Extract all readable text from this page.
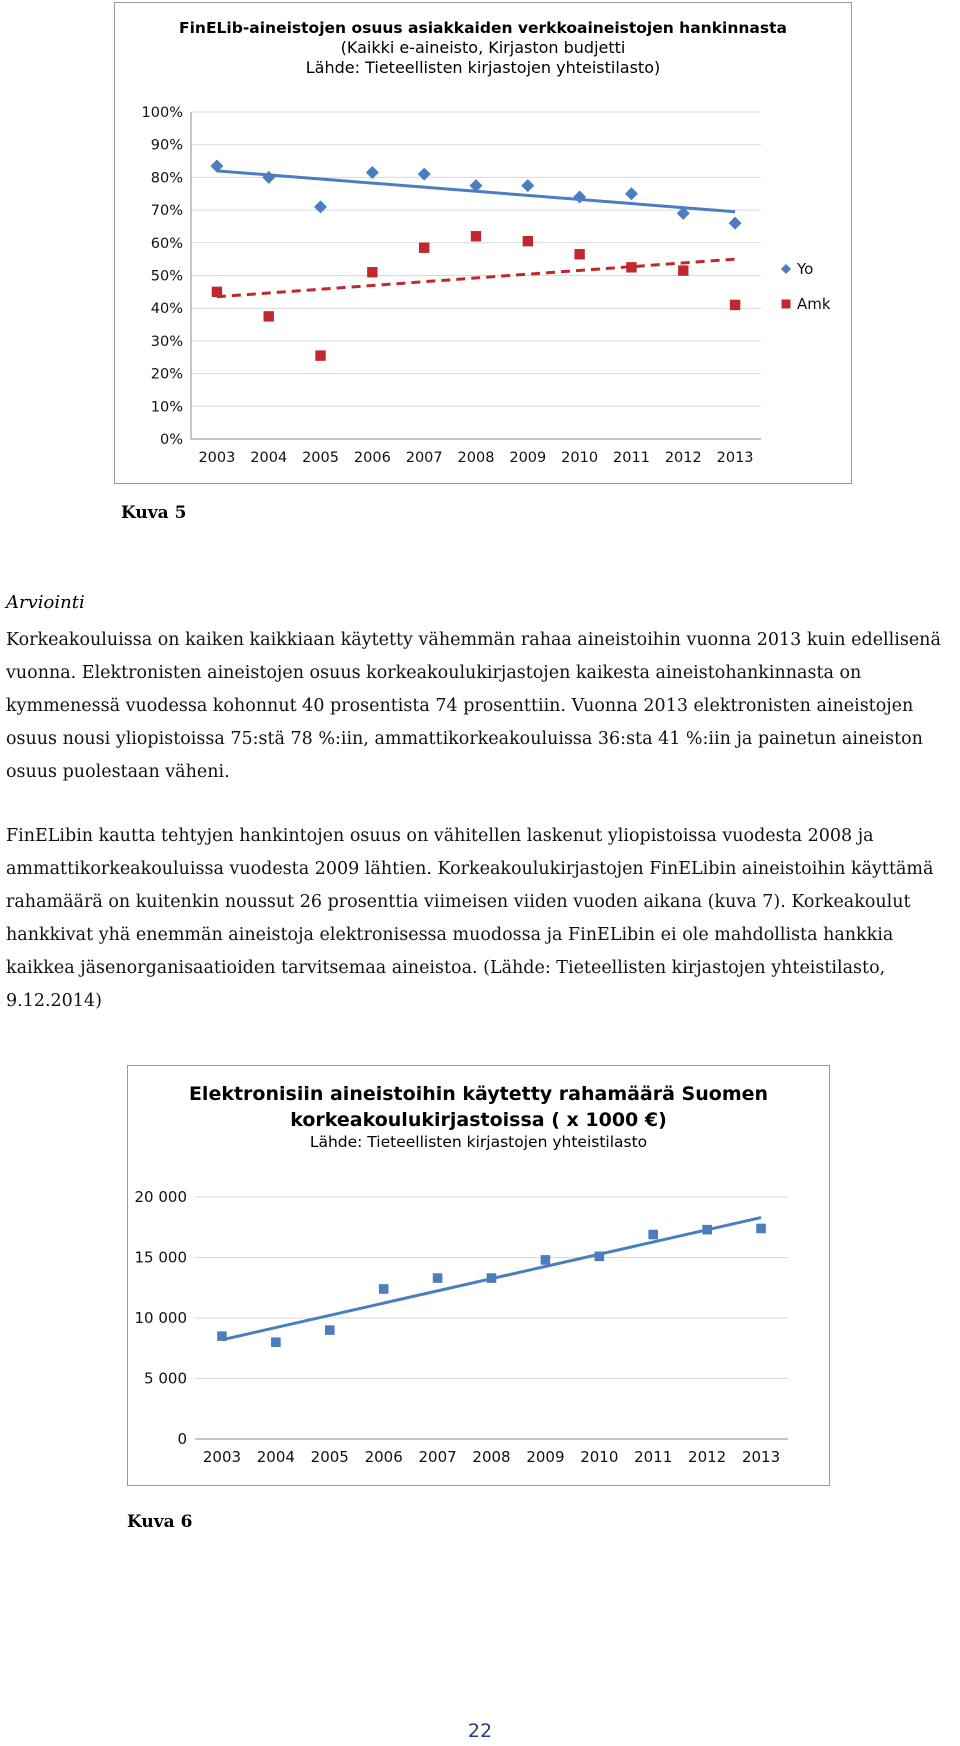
FinELib-aineistojen osuus asiakkaiden verkkoaineistojen hankinnasta
(Kaikki e-aineisto, Kirjaston budjetti
Lähde: Tieteellisten kirjastojen yhteistilasto)
0%
10%
20%
30%
40%
50%
60%
70%
80%
90%
100%
2003 2004 2005 2006 2007 2008 2009 2010 2011 2012 2013
Yo
Amk
Kuva 5
Arviointi
Korkeakouluissa on kaiken kaikkiaan käytetty vähemmän rahaa aineistoihin vuonna 2013 kuin edellisenä vuonna. Elektronisten aineistojen osuus korkeakoulukirjastojen kaikesta aineistohankinnasta on kymmenessä vuodessa kohonnut 40 prosentista 74 prosenttiin. Vuonna 2013 elektronisten aineistojen osuus nousi yliopistoissa 75:stä 78 %:iin, ammattikorkeakouluissa 36:sta 41 %:iin ja painetun aineiston osuus puolestaan väheni.
FinELibin kautta tehtyjen hankintojen osuus on vähitellen laskenut yliopistoissa vuodesta 2008 ja ammattikorkeakouluissa vuodesta 2009 lähtien. Korkeakoulukirjastojen FinELibin aineistoihin käyttämä rahamäärä on kuitenkin noussut 26 prosenttia viimeisen viiden vuoden aikana (kuva 7). Korkeakoulut hankkivat yhä enemmän aineistoja elektronisessa muodossa ja FinELibin ei ole mahdollista hankkia kaikkea jäsenorganisaatioiden tarvitsemaa aineistoa. (Lähde: Tieteellisten kirjastojen yhteistilasto, 9.12.2014)
Elektronisiin aineistoihin käytetty rahamäärä Suomen
korkeakoulukirjastoissa ( x 1000 €)
Lähde: Tieteellisten kirjastojen yhteistilasto
0
5 000
10 000
15 000
20 000
2003 2004 2005 2006 2007 2008 2009 2010 2011 2012 2013
Kuva 6
22
